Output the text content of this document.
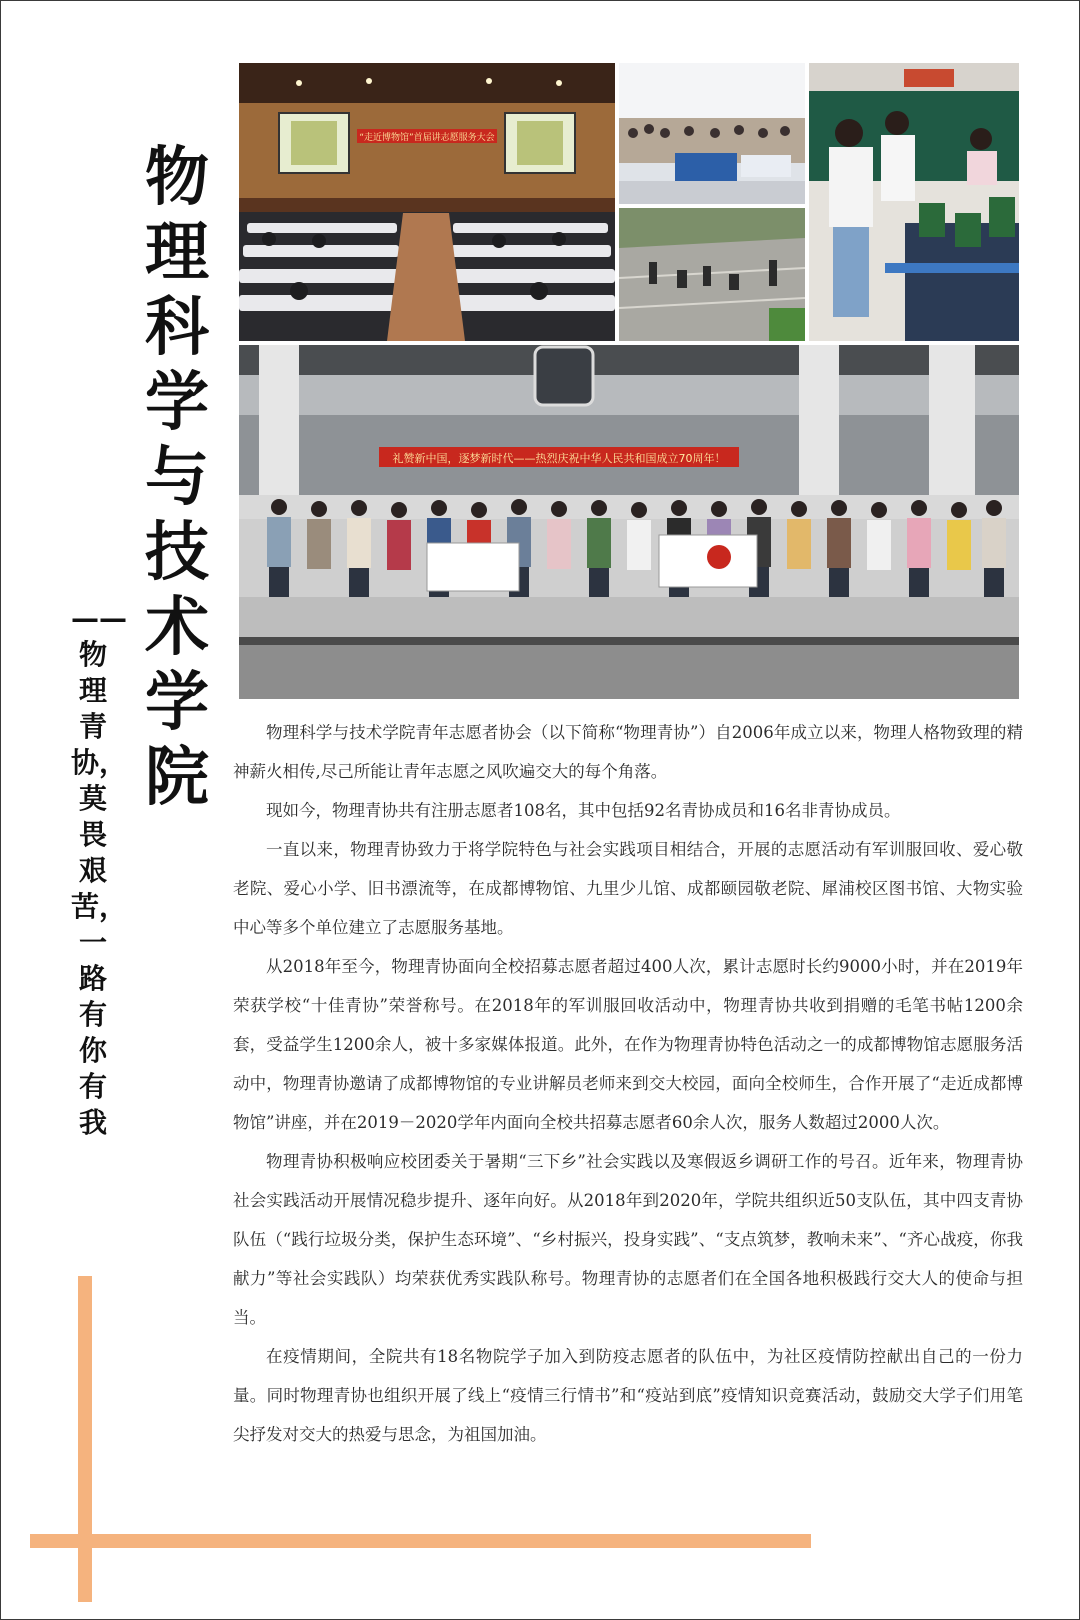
物理科学与技术学院
——物理青协，莫畏艰苦，一路有你有我
“走近博物馆”首届讲志愿服务大会
礼赞新中国，逐梦新时代——热烈庆祝中华人民共和国成立70周年！

物理科学与技术学院青年志愿者协会（以下简称“物理青协”）自2006年成立以来，物理人格物致理的精神薪火相传,尽己所能让青年志愿之风吹遍交大的每个角落。

现如今，物理青协共有注册志愿者108名，其中包括92名青协成员和16名非青协成员。

一直以来，物理青协致力于将学院特色与社会实践项目相结合，开展的志愿活动有军训服回收、爱心敬老院、爱心小学、旧书漂流等，在成都博物馆、九里少儿馆、成都颐园敬老院、犀浦校区图书馆、大物实验中心等多个单位建立了志愿服务基地。

从2018年至今，物理青协面向全校招募志愿者超过400人次，累计志愿时长约9000小时，并在2019年荣获学校“十佳青协”荣誉称号。在2018年的军训服回收活动中，物理青协共收到捐赠的毛笔书帖1200余套，受益学生1200余人，被十多家媒体报道。此外，在作为物理青协特色活动之一的成都博物馆志愿服务活动中，物理青协邀请了成都博物馆的专业讲解员老师来到交大校园，面向全校师生，合作开展了“走近成都博物馆”讲座，并在2019－2020学年内面向全校共招募志愿者60余人次，服务人数超过2000人次。

物理青协积极响应校团委关于暑期“三下乡”社会实践以及寒假返乡调研工作的号召。近年来，物理青协社会实践活动开展情况稳步提升、逐年向好。从2018年到2020年，学院共组织近50支队伍，其中四支青协队伍（“践行垃圾分类，保护生态环境”、“乡村振兴，投身实践”、“支点筑梦，教响未来”、“齐心战疫，你我献力”等社会实践队）均荣获优秀实践队称号。物理青协的志愿者们在全国各地积极践行交大人的使命与担当。

在疫情期间，全院共有18名物院学子加入到防疫志愿者的队伍中，为社区疫情防控献出自己的一份力量。同时物理青协也组织开展了线上“疫情三行情书”和“疫站到底”疫情知识竞赛活动，鼓励交大学子们用笔尖抒发对交大的热爱与思念，为祖国加油。
